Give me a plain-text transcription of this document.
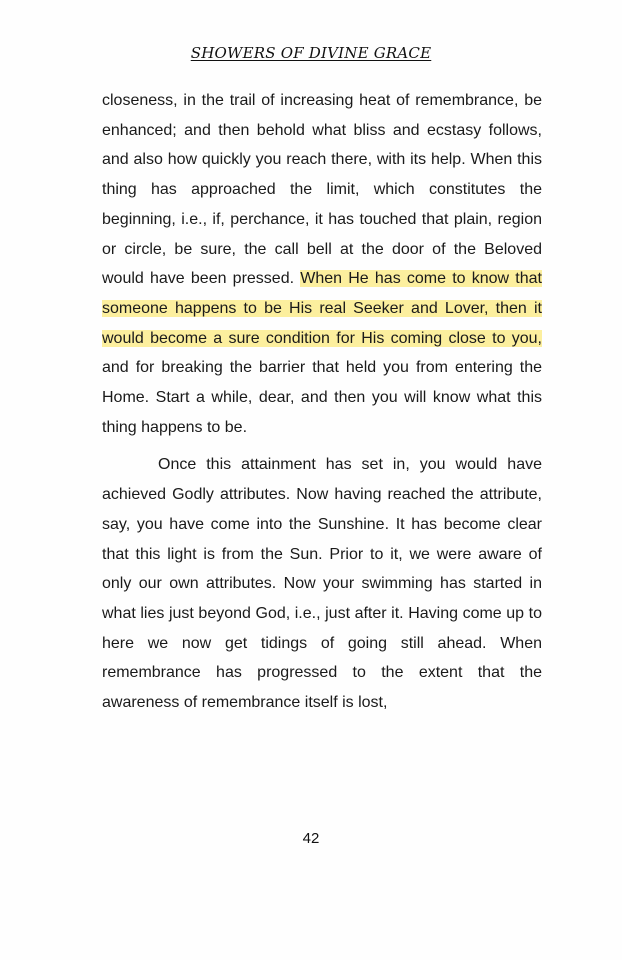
SHOWERS OF DIVINE GRACE

closeness, in the trail of increasing heat of remembrance, be enhanced; and then behold what bliss and ecstasy follows, and also how quickly you reach there, with its help. When this thing has approached the limit, which constitutes the beginning, i.e., if, perchance, it has touched that plain, region or circle, be sure, the call bell at the door of the Beloved would have been pressed. When He has come to know that someone happens to be His real Seeker and Lover, then it would become a sure condition for His coming close to you, and for breaking the barrier that held you from entering the Home. Start a while, dear, and then you will know what this thing happens to be.

Once this attainment has set in, you would have achieved Godly attributes. Now having reached the attribute, say, you have come into the Sunshine. It has become clear that this light is from the Sun. Prior to it, we were aware of only our own attributes. Now your swimming has started in what lies just beyond God, i.e., just after it. Having come up to here we now get tidings of going still ahead. When remembrance has progressed to the extent that the awareness of remembrance itself is lost,

42
